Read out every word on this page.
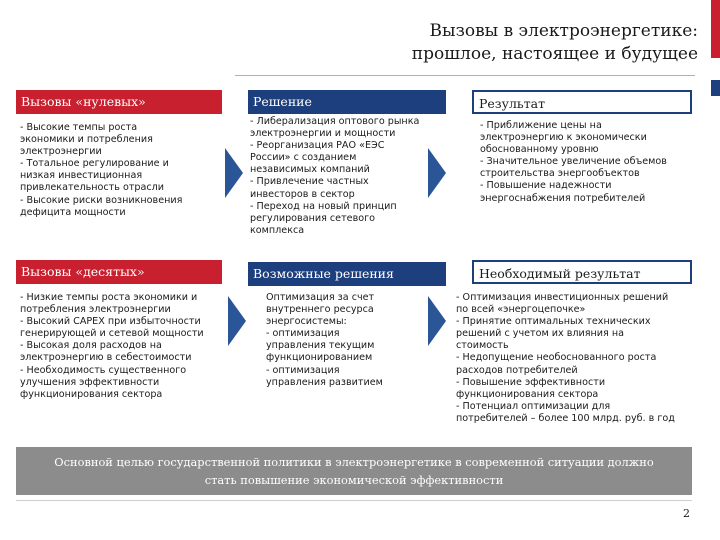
Вызовы в электроэнергетике:
прошлое, настоящее и будущее
Вызовы «нулевых»	Решение	Результат
- Высокие темпы роста
экономики и потребления
электроэнергии
- Тотальное регулирование и
низкая инвестиционная
привлекательность отрасли
- Высокие риски возникновения
дефицита мощности
- Либерализация оптового рынка
электроэнергии и мощности
- Реорганизация РАО «ЕЭС
России» с созданием
независимых компаний
- Привлечение частных
инвесторов в сектор
- Переход на новый принцип
регулирования сетевого
комплекса
- Приближение цены на
электроэнергию к экономически
обоснованному уровню
- Значительное увеличение объемов
строительства энергообъектов
- Повышение надежности
энергоснабжения потребителей
Вызовы «десятых»	Возможные решения	Необходимый результат
- Низкие темпы роста экономики и
потребления электроэнергии
- Высокий CAPEX при избыточности
генерирующей и сетевой мощности
- Высокая доля расходов на
электроэнергию в себестоимости
- Необходимость существенного
улучшения эффективности
функционирования сектора
Оптимизация за счет
внутреннего ресурса
энергосистемы:
- оптимизация
управления текущим
функционированием
- оптимизация
управления развитием
- Оптимизация инвестиционных решений
по всей «энергоцепочке»
- Принятие оптимальных технических
решений с учетом их влияния на
стоимость
- Недопущение необоснованного роста
расходов потребителей
- Повышение эффективности
функционирования сектора
- Потенциал оптимизации для
потребителей – более 100 млрд. руб. в год
Основной целью государственной политики в электроэнергетике в современной ситуации должно
стать повышение экономической эффективности
2
